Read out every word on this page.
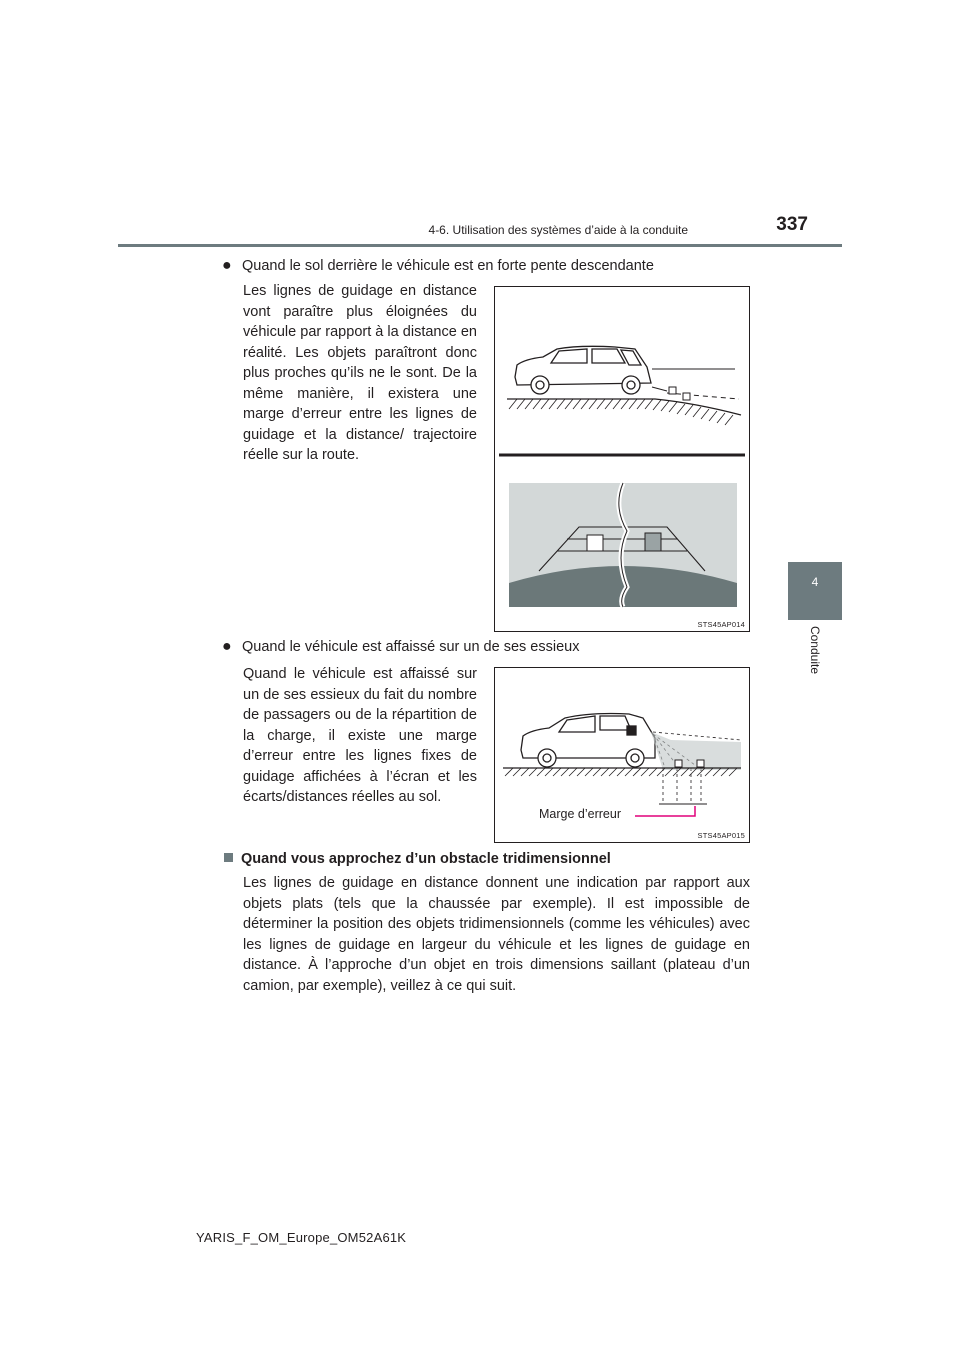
4-6. Utilisation des systèmes d’aide à la conduite	337
4
Conduite
● Quand le sol derrière le véhicule est en forte pente descendante
Les lignes de guidage en distance vont paraître plus éloignées du véhicule par rapport à la distance en réalité. Les objets paraîtront donc plus proches qu’ils ne le sont. De la même manière, il existera une marge d’erreur entre les lignes de guidage et la distance/ trajectoire réelle sur la route.
STS45AP014
● Quand le véhicule est affaissé sur un de ses essieux
Quand le véhicule est affaissé sur un de ses essieux du fait du nombre de passagers ou de la répartition de la charge, il existe une marge d’erreur entre les lignes fixes de guidage affichées à l’écran et les écarts/distances réelles au sol.
Marge d’erreur
STS45AP015
Quand vous approchez d’un obstacle tridimensionnel
Les lignes de guidage en distance donnent une indication par rapport aux objets plats (tels que la chaussée par exemple). Il est impossible de déterminer la position des objets tridimensionnels (comme les véhicules) avec les lignes de guidage en largeur du véhicule et les lignes de guidage en distance. À l’approche d’un objet en trois dimensions saillant (plateau d’un camion, par exemple), veillez à ce qui suit.
YARIS_F_OM_Europe_OM52A61K
